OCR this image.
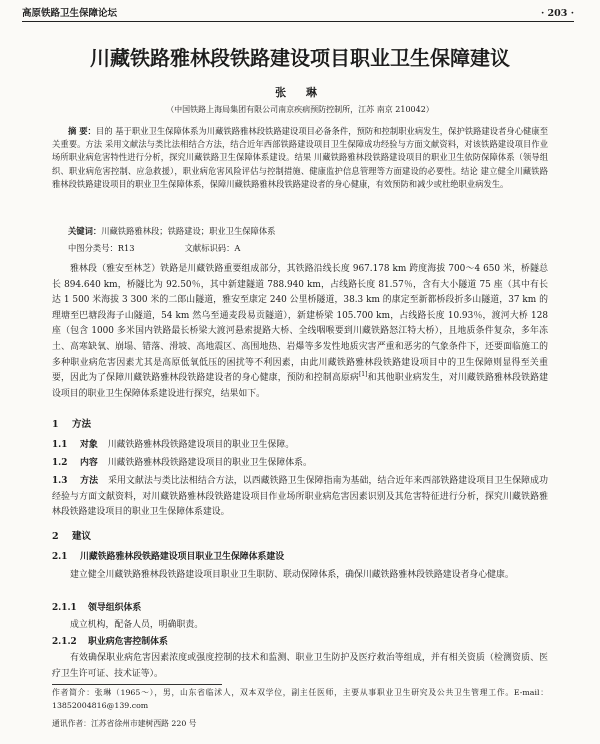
高原铁路卫生保障论坛	· 203 ·
川藏铁路雅林段铁路建设项目职业卫生保障建议
张 琳
（中国铁路上海局集团有限公司南京疾病预防控制所，江苏 南京 210042）

摘 要：目的 基于职业卫生保障体系为川藏铁路雅林段铁路建设项目必备条件，预防和控制职业病发生，保护铁路建设者身心健康至关重要。方法 采用文献法与类比法相结合方法，结合近年西部铁路建设项目卫生保障成功经验与方面文献资料，对该铁路建设项目作业场所职业病危害特性进行分析，探究川藏铁路卫生保障体系建设。结果 川藏铁路雅林段铁路建设项目的职业卫生依防保障体系（领导组织、职业病危害控制、应急救援），职业病危害风险评估与控制措施、健康监护信息管理等方面建设的必要性。结论 建立健全川藏铁路雅林段铁路建设项目的职业卫生保障体系，保障川藏铁路雅林段铁路建设者的身心健康，有效预防和减少或杜绝职业病发生。

关键词：川藏铁路雅林段；铁路建设；职业卫生保障体系

中图分类号：R13	文献标识码：A

雅林段（雅安至林芝）铁路是川藏铁路重要组成部分，其铁路沿线长度 967.178 km 跨度海拔 700～4 650 米，桥隧总长 894.640 km，桥隧比为 92.50％，其中新建隧道 788.940 km，占线路长度 81.57％，含有大小隧道 75 座（其中有长达 1 500 米海拔 3 300 米的二郎山隧道，雅安至康定 240 公里桥隧道，38.3 km 的康定至新都桥段折多山隧道，37 km 的理塘至巴塘段海子山隧道，54 km 然乌至通麦段易贡隧道），新建桥梁 105.700 km，占线路长度 10.93％，渡河大桥 128 座（包含 1000 多米国内铁路最长桥梁大渡河悬索提路大桥、全线咽喉要到川藏铁路怒江特大桥），且地质条件复杂，多年冻土、高寒缺氧、崩塌、错落、滑坡、高地震区、高围地热、岩爆等多发性地质灾害严重和恶劣的气象条件下，还要面临施工的多种职业病危害因素尤其是高原低氧低压的困扰等不利因素，由此川藏铁路雅林段铁路建设项目中的卫生保障则显得至关重要，因此为了保障川藏铁路雅林段铁路建设者的身心健康，预防和控制高原病[1]和其他职业病发生，对川藏铁路雅林段铁路建设项目的职业卫生保障体系建设进行探究，结果如下。

1 方法

1.1 对象 川藏铁路雅林段铁路建设项目的职业卫生保障。

1.2 内容 川藏铁路雅林段铁路建设项目的职业卫生保障体系。

1.3 方法 采用文献法与类比法相结合方法，以西藏铁路卫生保障指南为基础，结合近年来西部铁路建设项目卫生保障成功经验与方面文献资料，对川藏铁路雅林段铁路建设项目作业场所职业病危害因素识别及其危害特征进行分析，探究川藏铁路雅林段铁路建设项目的职业卫生保障体系建设。

2 建议

2.1 川藏铁路雅林段铁路建设项目职业卫生保障体系建设

建立健全川藏铁路雅林段铁路建设项目职业卫生职防、联动保障体系，确保川藏铁路雅林段铁路建设者身心健康。

2.1.1 领导组织体系

成立机构，配备人员，明确职责。

2.1.2 职业病危害控制体系

有效确保职业病危害因素浓度或强度控制的技术和监测、职业卫生防护及医疗救治等组成，并有相关资质（检测资质、医疗卫生许可证、技术证等）。

作者简介：张琳（1965～），男，山东省临沭人，双本双学位，副主任医师，主要从事职业卫生研究及公共卫生管理工作。E-mail：13852004816@139.com

通讯作者：江苏省徐州市建树西路 220 号
